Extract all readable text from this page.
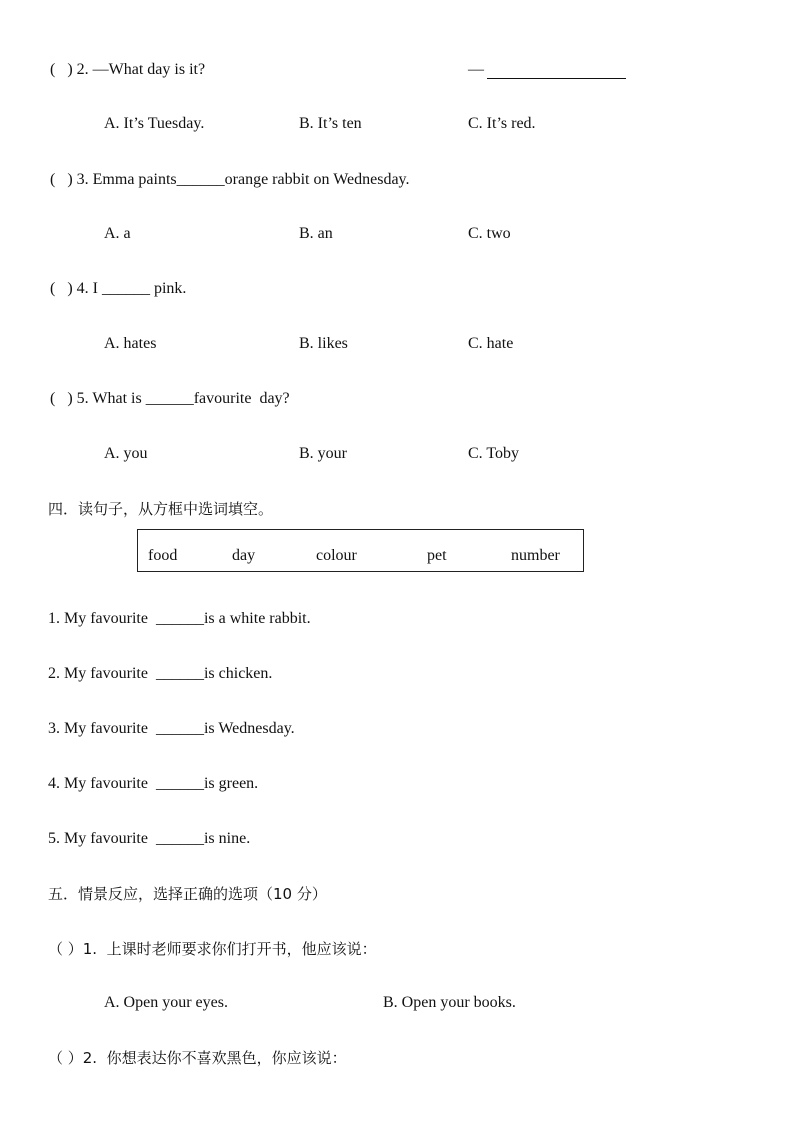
(   ) 2. —What day is it?	—
A. It’s Tuesday.	B. It’s ten	C. It’s red.
(   ) 3. Emma paints______orange rabbit on Wednesday.
A. a	B. an	C. two
(   ) 4. I ______ pink.
A. hates	B. likes	C. hate
(   ) 5. What is ______favourite  day?
A. you	B. your	C. Toby
四．读句子，从方框中选词填空。
food	day	colour	pet	number
1. My favourite  ______is a white rabbit.
2. My favourite  ______is chicken.
3. My favourite  ______is Wednesday.
4. My favourite  ______is green.
5. My favourite  ______is nine.
五．情景反应，选择正确的选项（10 分）
（ ）1.  上课时老师要求你们打开书，他应该说：
A. Open your eyes.	B. Open your books.
（ ）2.  你想表达你不喜欢黑色，你应该说：
